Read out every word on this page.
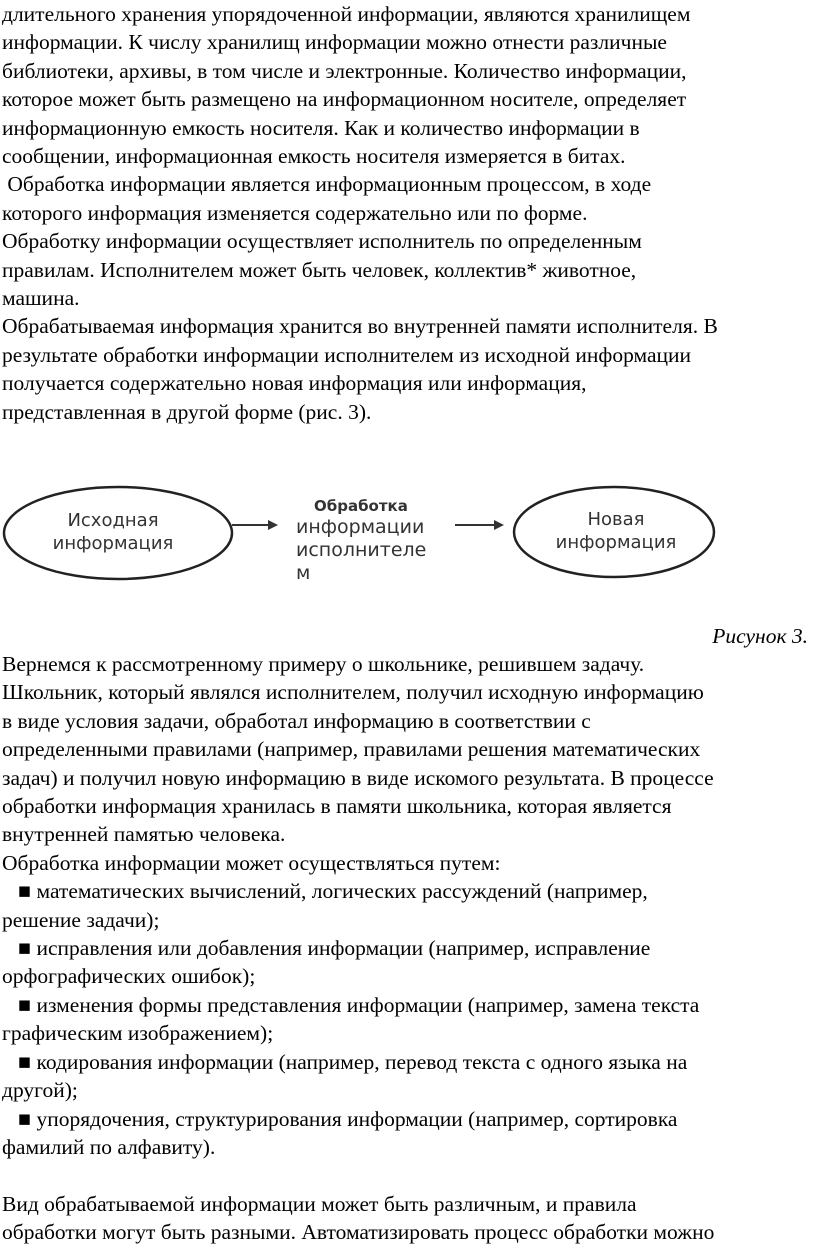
длительного хранения упорядоченной информации, являются хранилищем

информации. К числу хранилищ информации можно отнести различные

библиотеки, архивы, в том числе и электронные. Количество информации,

которое может быть размещено на информационном носителе, определяет

информационную емкость носителя. Как и количество информации в

сообщении, информационная емкость носителя измеряется в битах.

Обработка информации является информационным процессом, в ходе

которого информация изменяется содержательно или по форме.

Обработку информации осуществляет исполнитель по определенным

правилам. Исполнителем может быть человек, коллектив* животное,

машина.

Обрабатываемая информация хранится во внутренней памяти исполнителя. В

результате обработки информации исполнителем из исходной информации

получается содержательно новая информация или информация,

представленная в другой форме (рис. 3).

Исходная
информация
Новая
информация
Обработка
информации
исполнителе
м
Рисунок 3.

Вернемся к рассмотренному примеру о школьнике, решившем задачу.

Школьник, который являлся исполнителем, получил исходную информацию

в виде условия задачи, обработал информацию в соответствии с

определенными правилами (например, правилами решения математических

задач) и получил новую информацию в виде искомого результата. В процессе

обработки информация хранилась в памяти школьника, которая является

внутренней памятью человека.

Обработка информации может осуществляться путем:

■ математических вычислений, логических рассуждений (например,

решение задачи);

■ исправления или добавления информации (например, исправление

орфографических ошибок);

■ изменения формы представления информации (например, замена текста

графическим изображением);

■ кодирования информации (например, перевод текста с одного языка на

другой);

■ упорядочения, структурирования информации (например, сортировка

фамилий по алфавиту).

Вид обрабатываемой информации может быть различным, и правила

обработки могут быть разными. Автоматизировать процесс обработки можно
